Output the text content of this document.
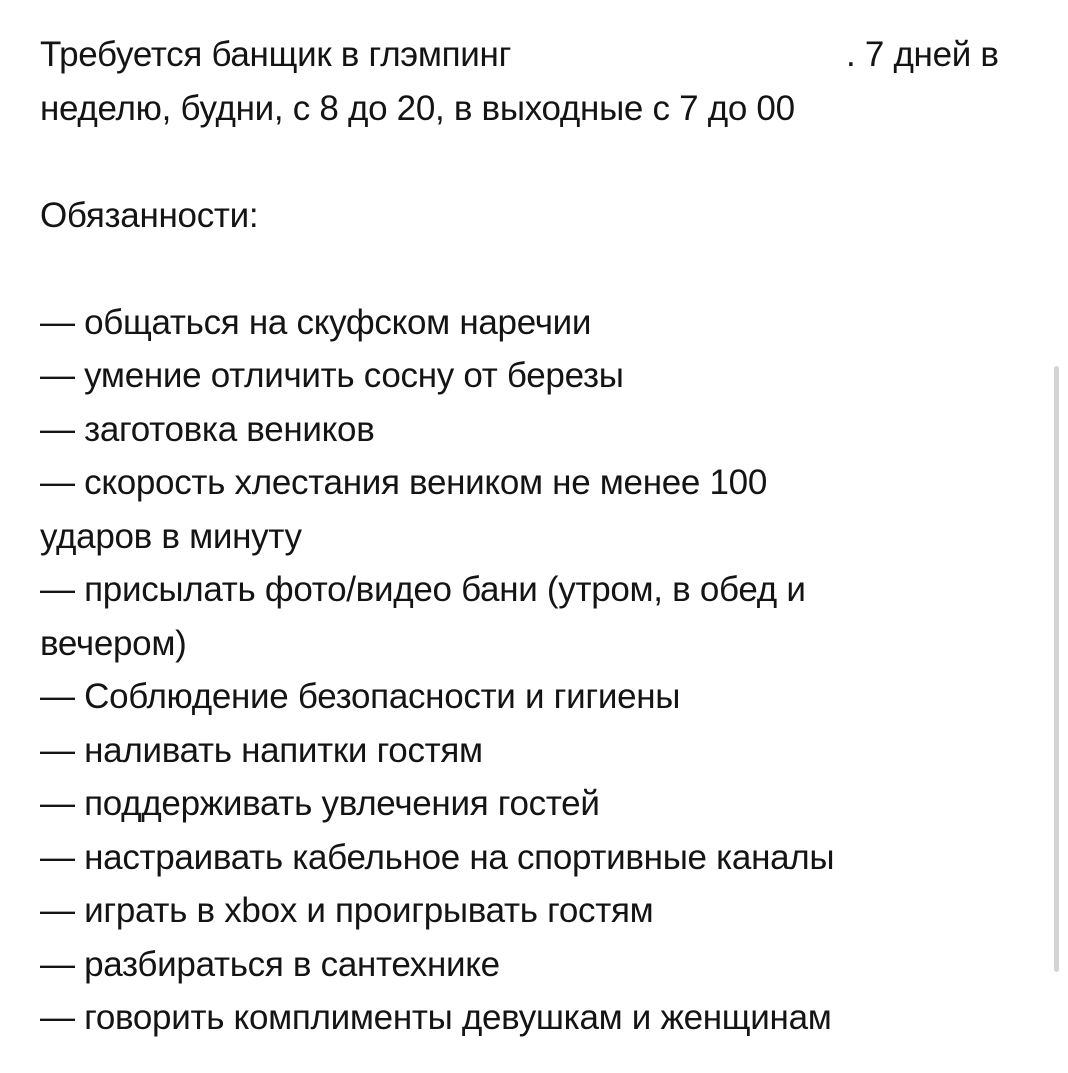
Требуется банщик в глэмпинг	. 7 дней в
неделю, будни, с 8 до 20, в выходные с 7 до 00
Обязанности:
— общаться на скуфском наречии
— умение отличить сосну от березы
— заготовка веников
— скорость хлестания веником не менее 100
ударов в минуту
— присылать фото/видео бани (утром, в обед и
вечером)
— Соблюдение безопасности и гигиены
— наливать напитки гостям
— поддерживать увлечения гостей
— настраивать кабельное на спортивные каналы
— играть в xbox и проигрывать гостям
— разбираться в сантехнике
— говорить комплименты девушкам и женщинам
